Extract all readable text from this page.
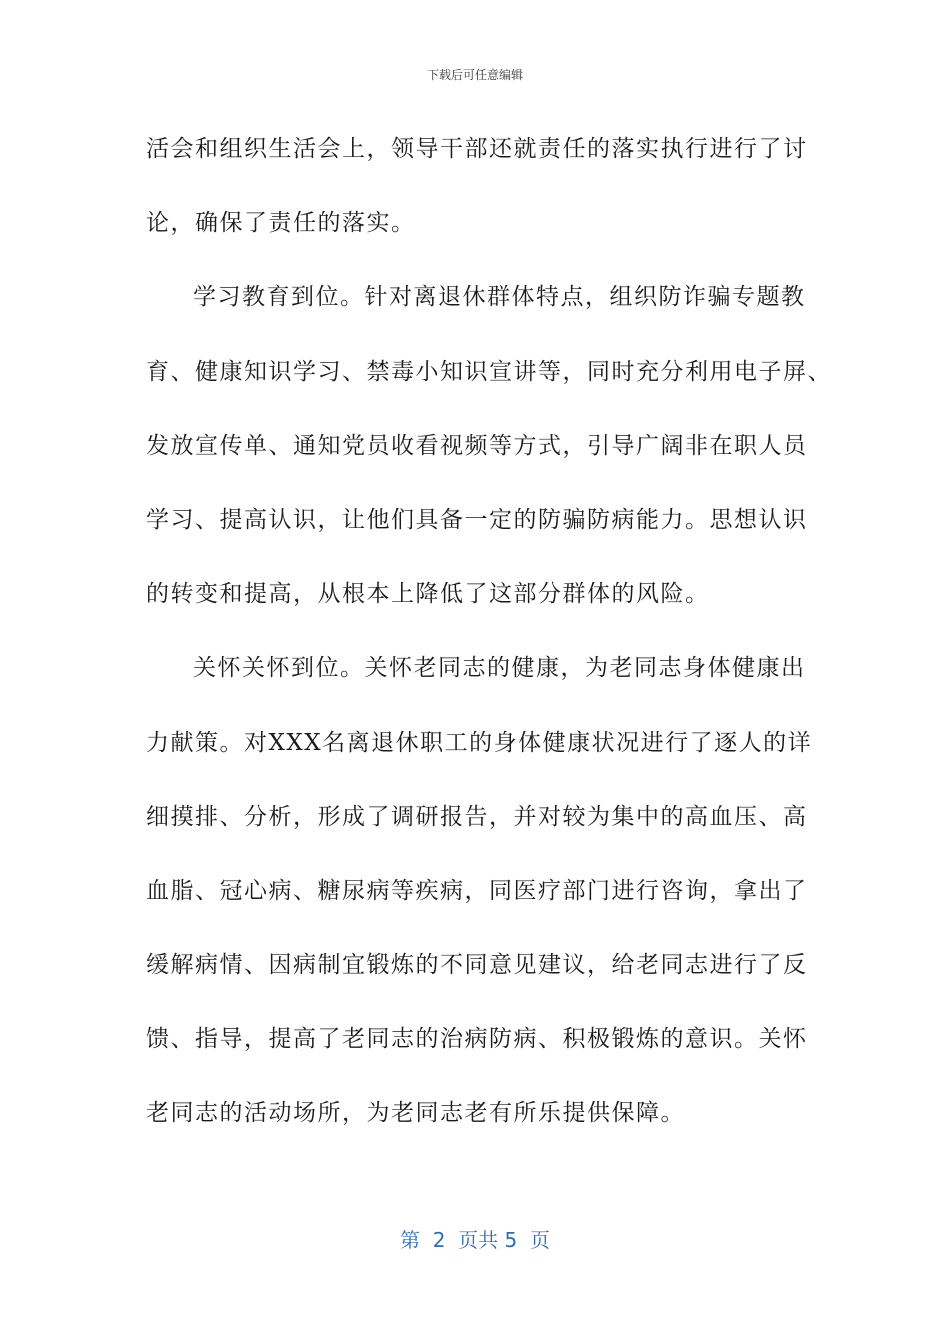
下载后可任意编辑
活会和组织生活会上，领导干部还就责任的落实执行进行了讨
论，确保了责任的落实。
学习教育到位。针对离退休群体特点，组织防诈骗专题教
育、健康知识学习、禁毒小知识宣讲等，同时充分利用电子屏、
发放宣传单、通知党员收看视频等方式，引导广阔非在职人员
学习、提高认识，让他们具备一定的防骗防病能力。思想认识
的转变和提高，从根本上降低了这部分群体的风险。
关怀关怀到位。关怀老同志的健康，为老同志身体健康出
力献策。对XXX名离退休职工的身体健康状况进行了逐人的详
细摸排、分析，形成了调研报告，并对较为集中的高血压、高
血脂、冠心病、糖尿病等疾病，同医疗部门进行咨询，拿出了
缓解病情、因病制宜锻炼的不同意见建议，给老同志进行了反
馈、指导，提高了老同志的治病防病、积极锻炼的意识。关怀
老同志的活动场所，为老同志老有所乐提供保障。
第  2  页共 5  页
